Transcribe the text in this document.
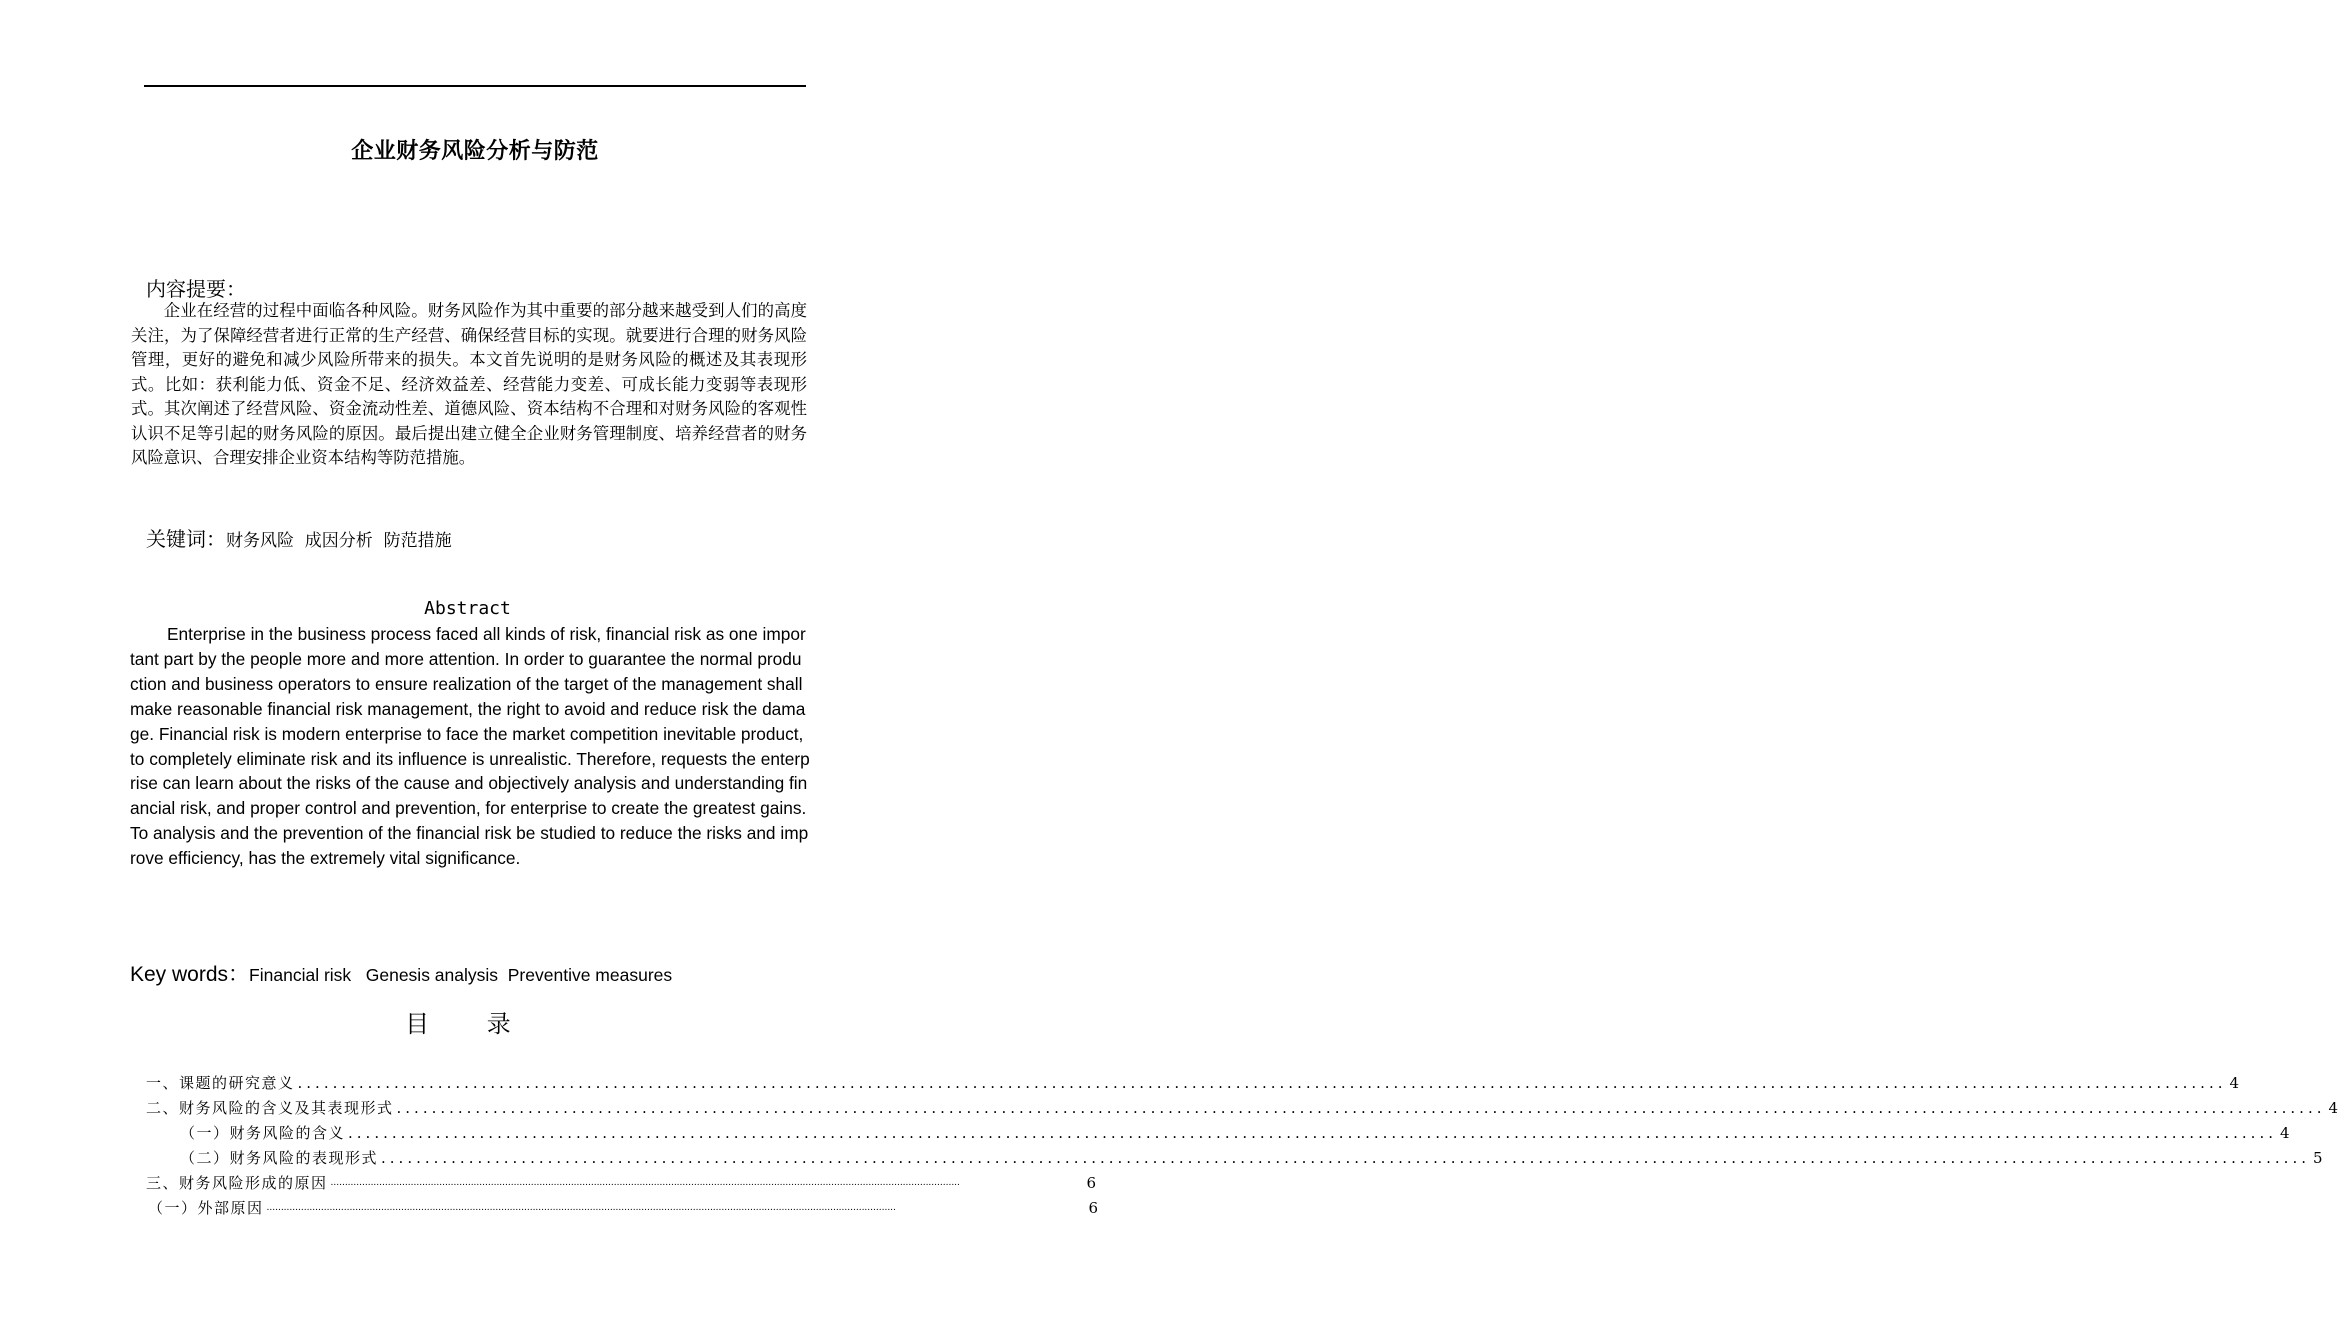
企业财务风险分析与防范
内容提要：

企业在经营的过程中面临各种风险。财务风险作为其中重要的部分越来越受到人们的高度关注，为了保障经营者进行正常的生产经营、确保经营目标的实现。就要进行合理的财务风险管理，更好的避免和减少风险所带来的损失。本文首先说明的是财务风险的概述及其表现形式。比如：获利能力低、资金不足、经济效益差、经营能力变差、可成长能力变弱等表现形式。其次阐述了经营风险、资金流动性差、道德风险、资本结构不合理和对财务风险的客观性认识不足等引起的财务风险的原因。最后提出建立健全企业财务管理制度、培养经营者的财务风险意识、合理安排企业资本结构等防范措施。

关键词：财务风险  成因分析  防范措施
Abstract

Enterprise in the business process faced all kinds of risk, financial risk as one important part by the people more and more attention. In order to guarantee the normal production and business operators to ensure realization of the target of the management shall make reasonable financial risk management, the right to avoid and reduce risk the damage. Financial risk is modern enterprise to face the market competition inevitable product, to completely eliminate risk and its influence is unrealistic. Therefore, requests the enterprise can learn about the risks of the cause and objectively analysis and understanding financial risk, and proper control and prevention, for enterprise to create the greatest gains. To analysis and the prevention of the financial risk be studied to reduce the risks and improve efficiency, has the extremely vital significance.

Key words：Financial risk   Genesis analysis  Preventive measures
目 录
一、课题的研究意义 .....	4
二、财务风险的含义及其表现形式 .....	4
（一）财务风险的含义 .....	4
（二）财务风险的表现形式 .....	5
三、财务风险形成的原因 .....	6
（一）外部原因 .....	6
